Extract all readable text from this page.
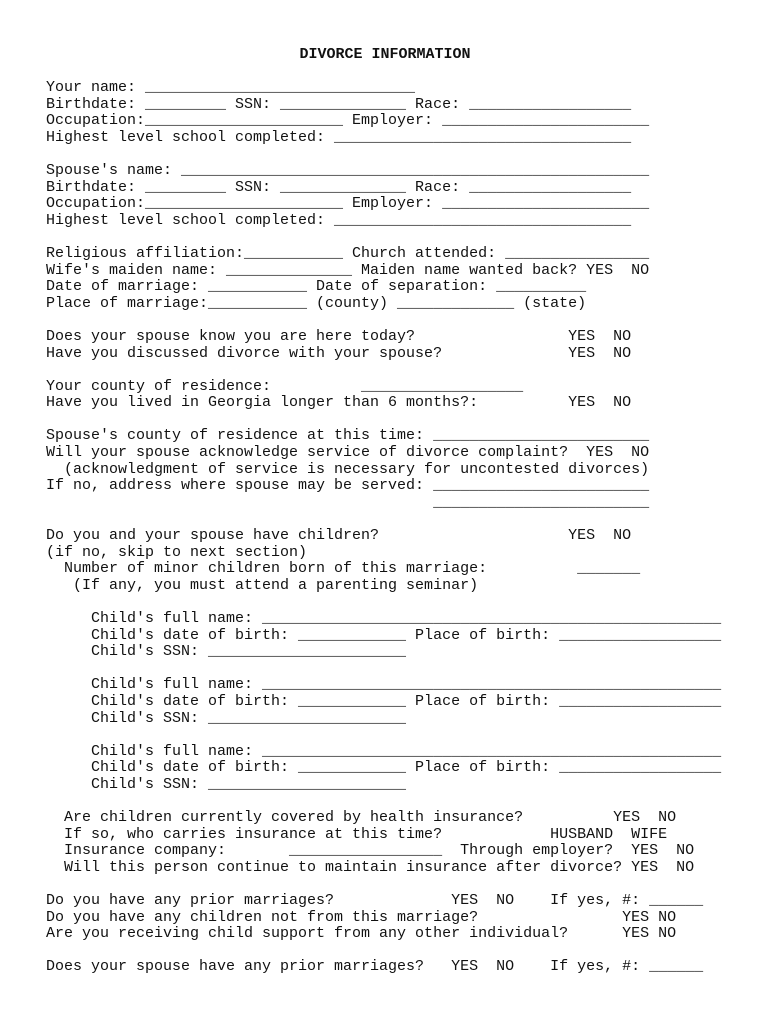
DIVORCE INFORMATION
Your name: ______________________________
Birthdate: _________ SSN: ______________ Race: __________________
Occupation:______________________ Employer: _______________________
Highest level school completed: _________________________________
Spouse's name: ____________________________________________________
Birthdate: _________ SSN: ______________ Race: __________________
Occupation:______________________ Employer: _______________________
Highest level school completed: _________________________________
Religious affiliation:___________ Church attended: ________________
Wife's maiden name: ______________ Maiden name wanted back? YES  NO
Date of marriage: ___________ Date of separation: __________
Place of marriage:___________ (county) _____________ (state)
Does your spouse know you are here today?                 YES  NO
Have you discussed divorce with your spouse?              YES  NO
Your county of residence:          __________________
Have you lived in Georgia longer than 6 months?:          YES  NO
Spouse's county of residence at this time: ________________________
Will your spouse acknowledge service of divorce complaint?  YES  NO
(acknowledgment of service is necessary for uncontested divorces)
If no, address where spouse may be served: ________________________
________________________
Do you and your spouse have children?                     YES  NO
(if no, skip to next section)
Number of minor children born of this marriage:          _______
(If any, you must attend a parenting seminar)
Child's full name: ___________________________________________________
Child's date of birth: ____________ Place of birth: __________________
Child's SSN: ______________________
Child's full name: ___________________________________________________
Child's date of birth: ____________ Place of birth: __________________
Child's SSN: ______________________
Child's full name: ___________________________________________________
Child's date of birth: ____________ Place of birth: __________________
Child's SSN: ______________________
Are children currently covered by health insurance?          YES  NO
If so, who carries insurance at this time?            HUSBAND  WIFE
Insurance company:       _________________  Through employer?  YES  NO
Will this person continue to maintain insurance after divorce? YES  NO
Do you have any prior marriages?             YES  NO    If yes, #: ______
Do you have any children not from this marriage?                YES NO
Are you receiving child support from any other individual?      YES NO
Does your spouse have any prior marriages?   YES  NO    If yes, #: ______
